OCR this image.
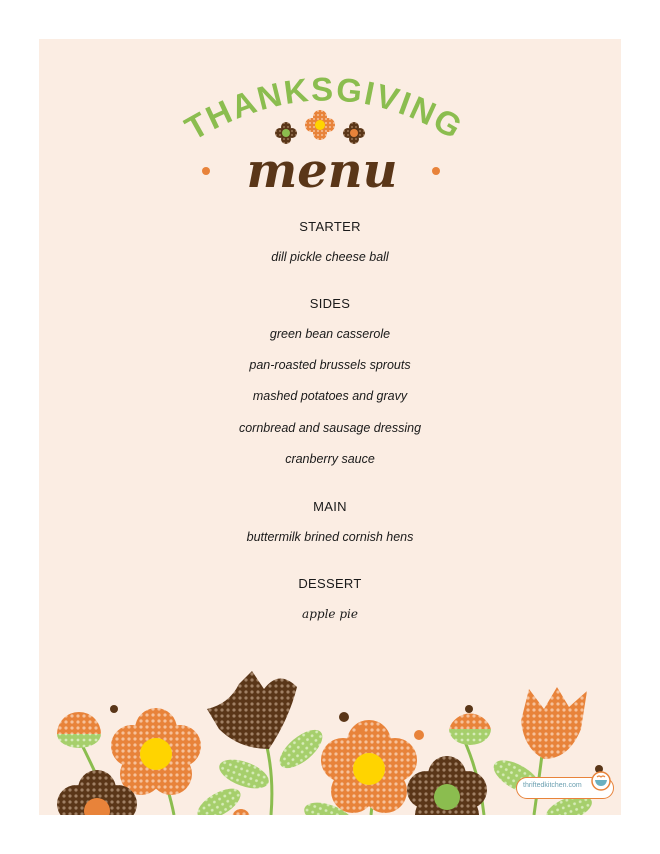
THANKSGIVING
menu
STARTER
dill pickle cheese ball
SIDES
green bean casserole
pan-roasted brussels sprouts
mashed potatoes and gravy
cornbread and sausage dressing
cranberry sauce
MAIN
buttermilk brined cornish hens
DESSERT
apple pie
thriftedkitchen.com
